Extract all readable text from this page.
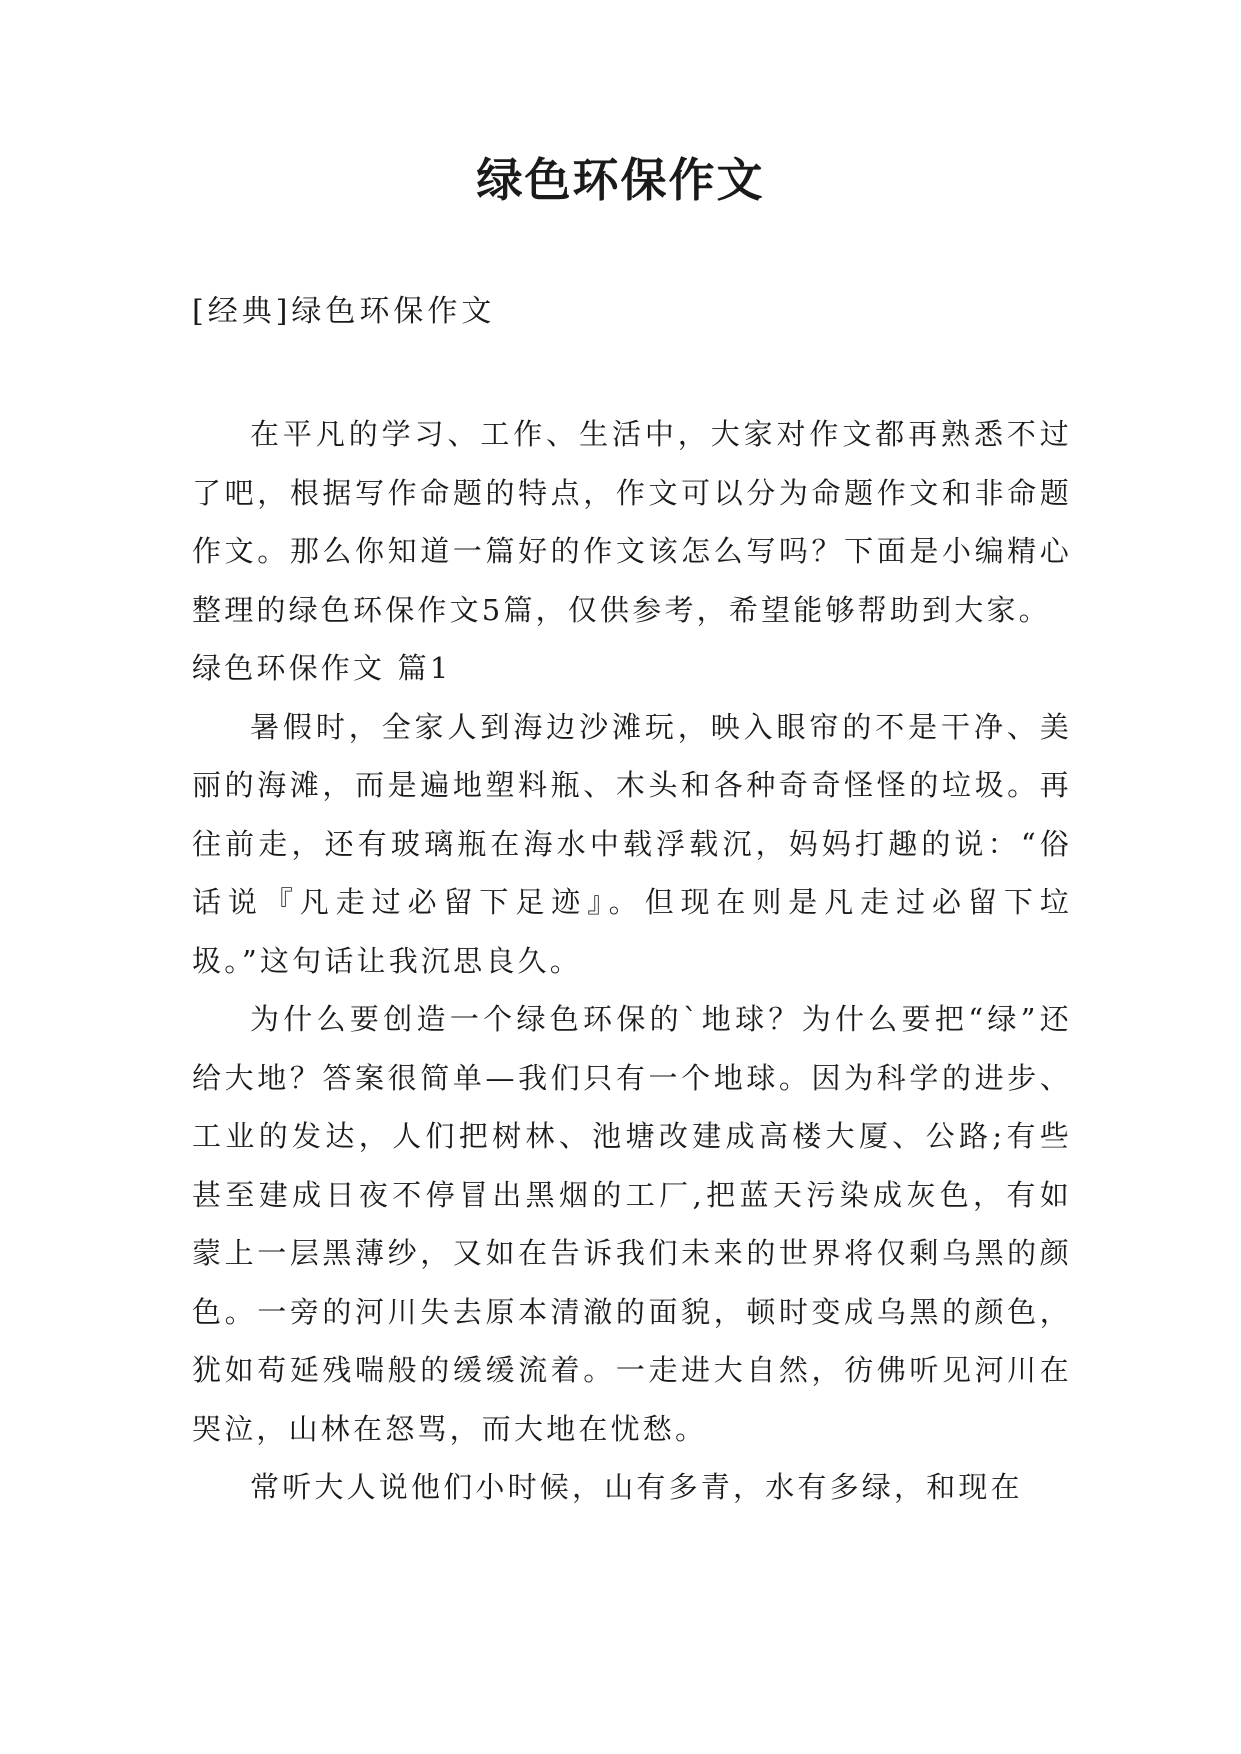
绿色环保作文

[经典]绿色环保作文

在平凡的学习、工作、生活中，大家对作文都再熟悉不过了吧，根据写作命题的特点，作文可以分为命题作文和非命题作文。那么你知道一篇好的作文该怎么写吗？下面是小编精心整理的绿色环保作文5篇，仅供参考，希望能够帮助到大家。

绿色环保作文 篇1

暑假时，全家人到海边沙滩玩，映入眼帘的不是干净、美丽的海滩，而是遍地塑料瓶、木头和各种奇奇怪怪的垃圾。再往前走，还有玻璃瓶在海水中载浮载沉，妈妈打趣的说：“俗话说『凡走过必留下足迹』。但现在则是凡走过必留下垃圾。”这句话让我沉思良久。

为什么要创造一个绿色环保的`地球？为什么要把“绿”还给大地？答案很简单—我们只有一个地球。因为科学的进步、工业的发达，人们把树林、池塘改建成高楼大厦、公路;有些甚至建成日夜不停冒出黑烟的工厂,把蓝天污染成灰色，有如蒙上一层黑薄纱，又如在告诉我们未来的世界将仅剩乌黑的颜色。一旁的河川失去原本清澈的面貌，顿时变成乌黑的颜色，犹如苟延残喘般的缓缓流着。一走进大自然，彷佛听见河川在哭泣，山林在怒骂，而大地在忧愁。

常听大人说他们小时候，山有多青，水有多绿，和现在
